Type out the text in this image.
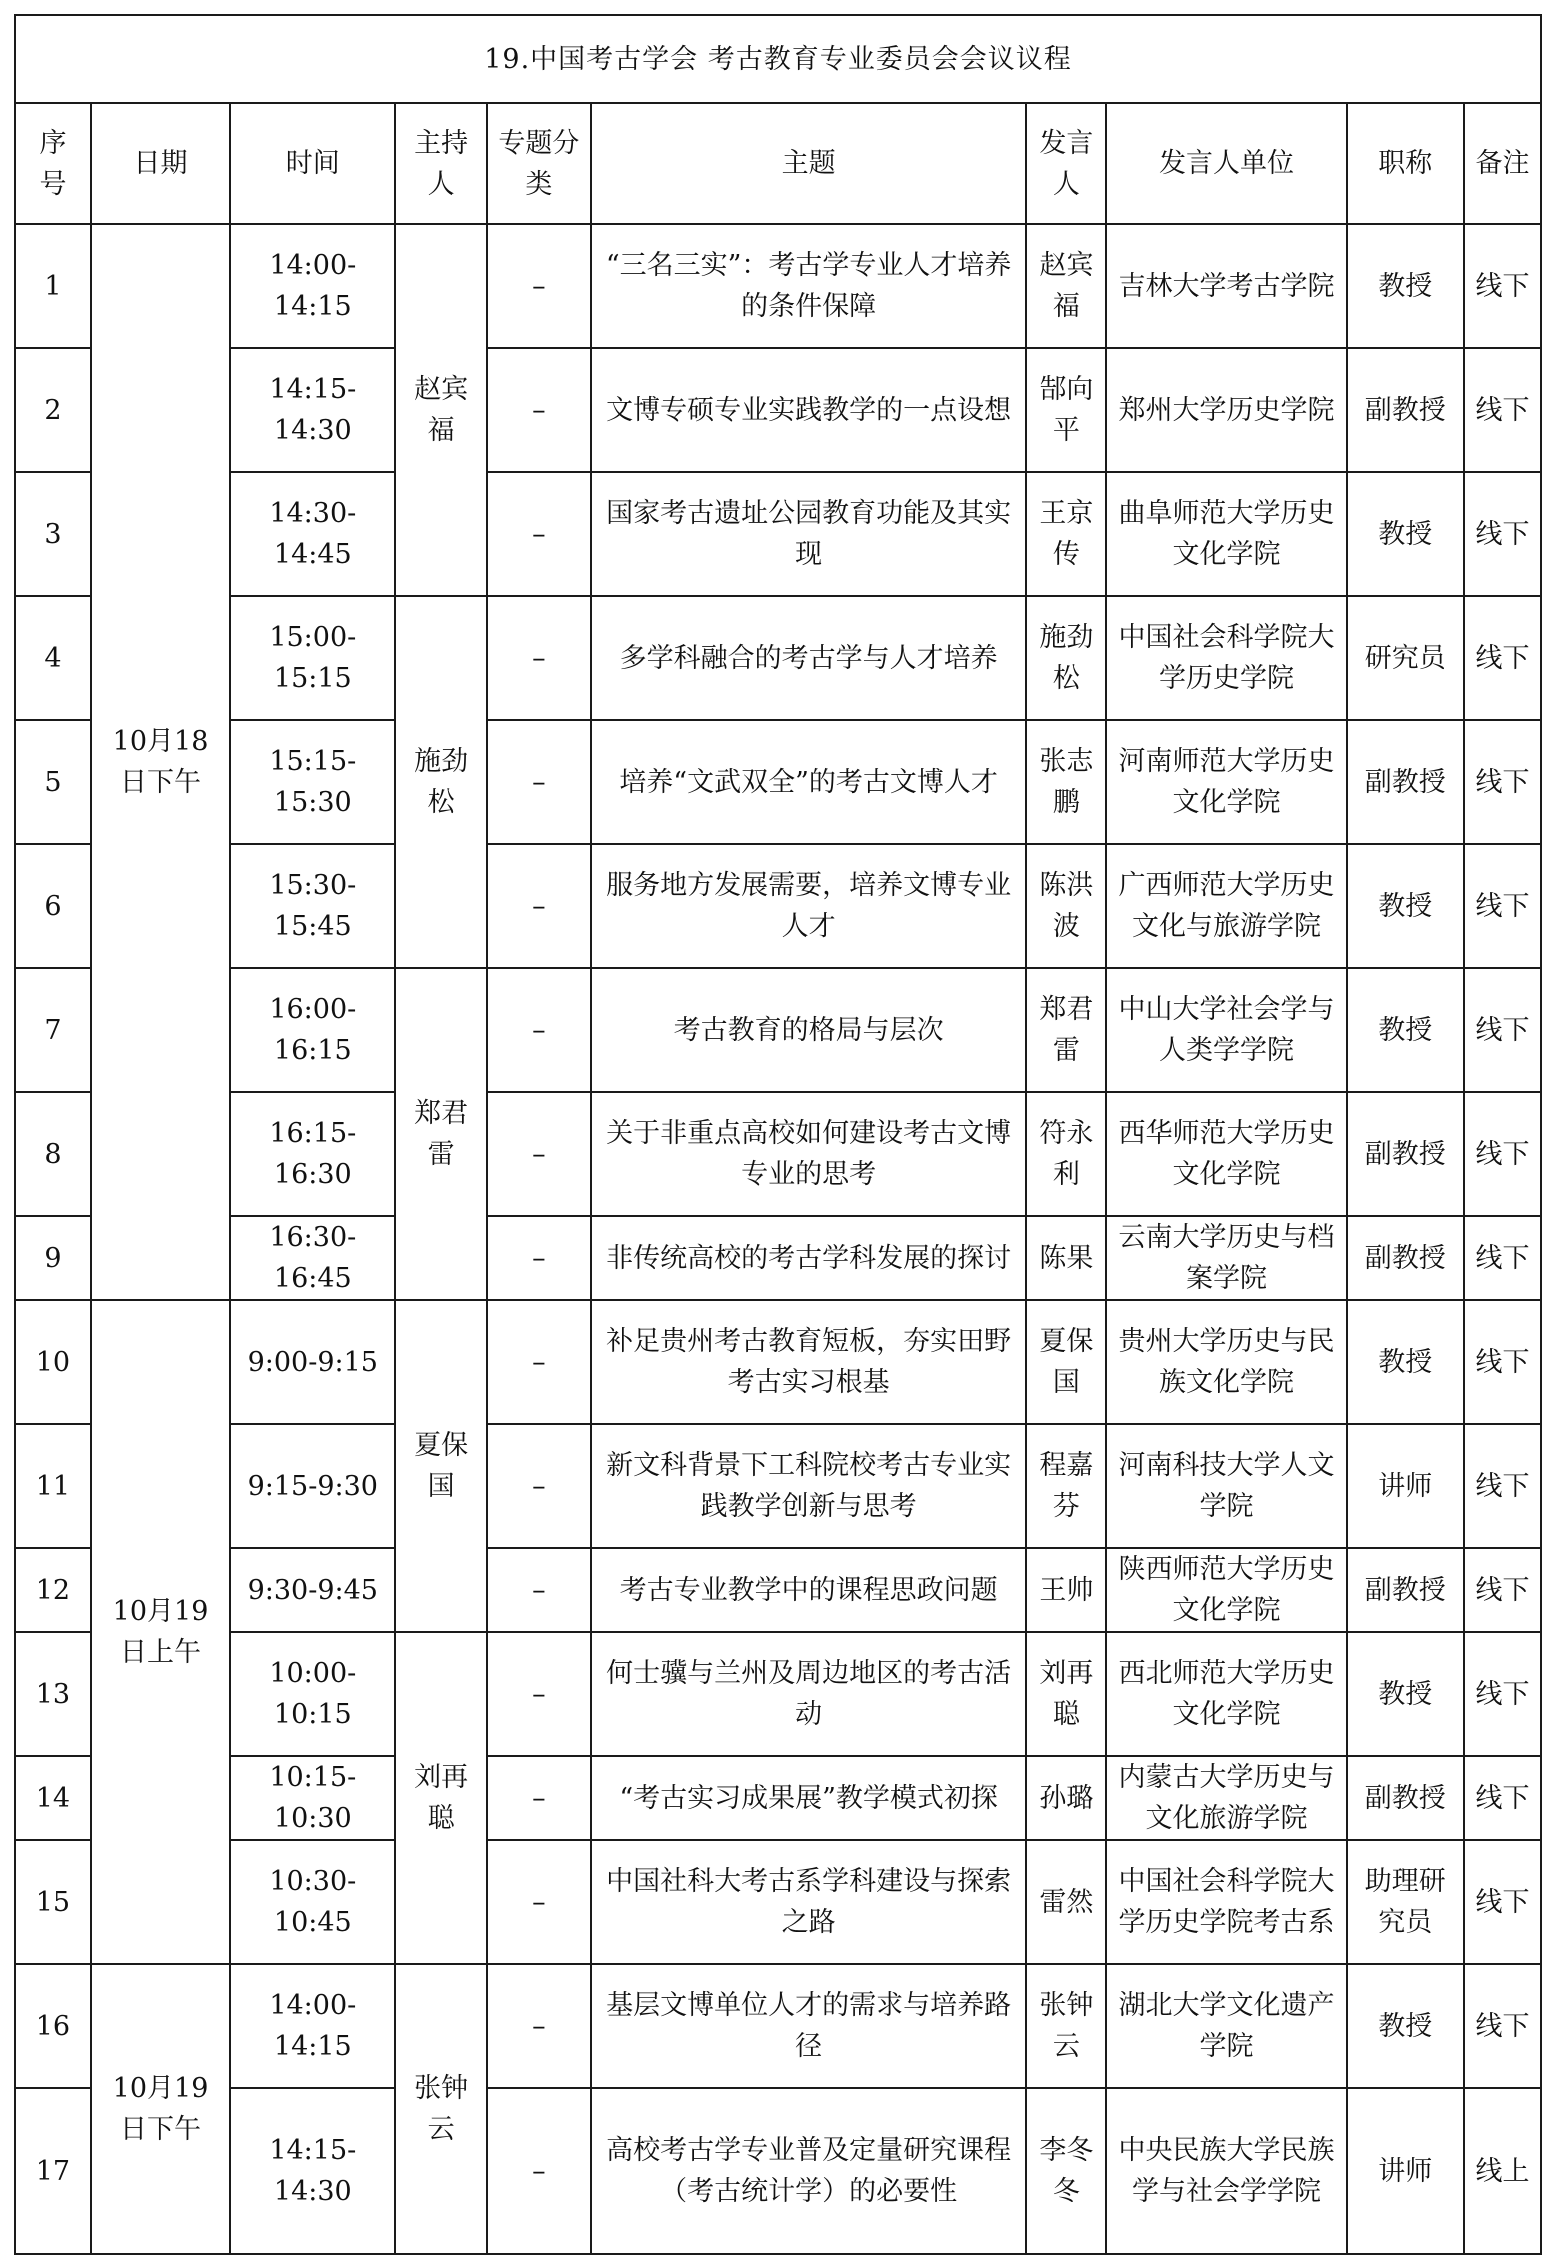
19.中国考古学会 考古教育专业委员会会议议程									
序号	日期	时间	主持人	专题分类	主题	发言人	发言人单位	职称	备注
1	10月18日下午	14:00-14:15	赵宾福	–	“三名三实”：考古学专业人才培养的条件保障	赵宾福	吉林大学考古学院	教授	线下
2		14:15-14:30		–	文博专硕专业实践教学的一点设想	郜向平	郑州大学历史学院	副教授	线下
3		14:30-14:45		–	国家考古遗址公园教育功能及其实现	王京传	曲阜师范大学历史文化学院	教授	线下
4		15:00-15:15	施劲松	–	多学科融合的考古学与人才培养	施劲松	中国社会科学院大学历史学院	研究员	线下
5		15:15-15:30		–	培养“文武双全”的考古文博人才	张志鹏	河南师范大学历史文化学院	副教授	线下
6		15:30-15:45		–	服务地方发展需要，培养文博专业人才	陈洪波	广西师范大学历史文化与旅游学院	教授	线下
7		16:00-16:15	郑君雷	–	考古教育的格局与层次	郑君雷	中山大学社会学与人类学学院	教授	线下
8		16:15-16:30		–	关于非重点高校如何建设考古文博专业的思考	符永利	西华师范大学历史文化学院	副教授	线下
9		16:30-16:45		–	非传统高校的考古学科发展的探讨	陈果	云南大学历史与档案学院	副教授	线下
10	10月19日上午	9:00-9:15	夏保国	–	补足贵州考古教育短板，夯实田野考古实习根基	夏保国	贵州大学历史与民族文化学院	教授	线下
11		9:15-9:30		–	新文科背景下工科院校考古专业实践教学创新与思考	程嘉芬	河南科技大学人文学院	讲师	线下
12		9:30-9:45		–	考古专业教学中的课程思政问题	王帅	陕西师范大学历史文化学院	副教授	线下
13		10:00-10:15	刘再聪	–	何士骥与兰州及周边地区的考古活动	刘再聪	西北师范大学历史文化学院	教授	线下
14		10:15-10:30		–	“考古实习成果展”教学模式初探	孙璐	内蒙古大学历史与文化旅游学院	副教授	线下
15		10:30-10:45		–	中国社科大考古系学科建设与探索之路	雷然	中国社会科学院大学历史学院考古系	助理研究员	线下
16	10月19日下午	14:00-14:15	张钟云	–	基层文博单位人才的需求与培养路径	张钟云	湖北大学文化遗产学院	教授	线下
17		14:15-14:30		–	高校考古学专业普及定量研究课程（考古统计学）的必要性	李冬冬	中央民族大学民族学与社会学学院	讲师	线上
